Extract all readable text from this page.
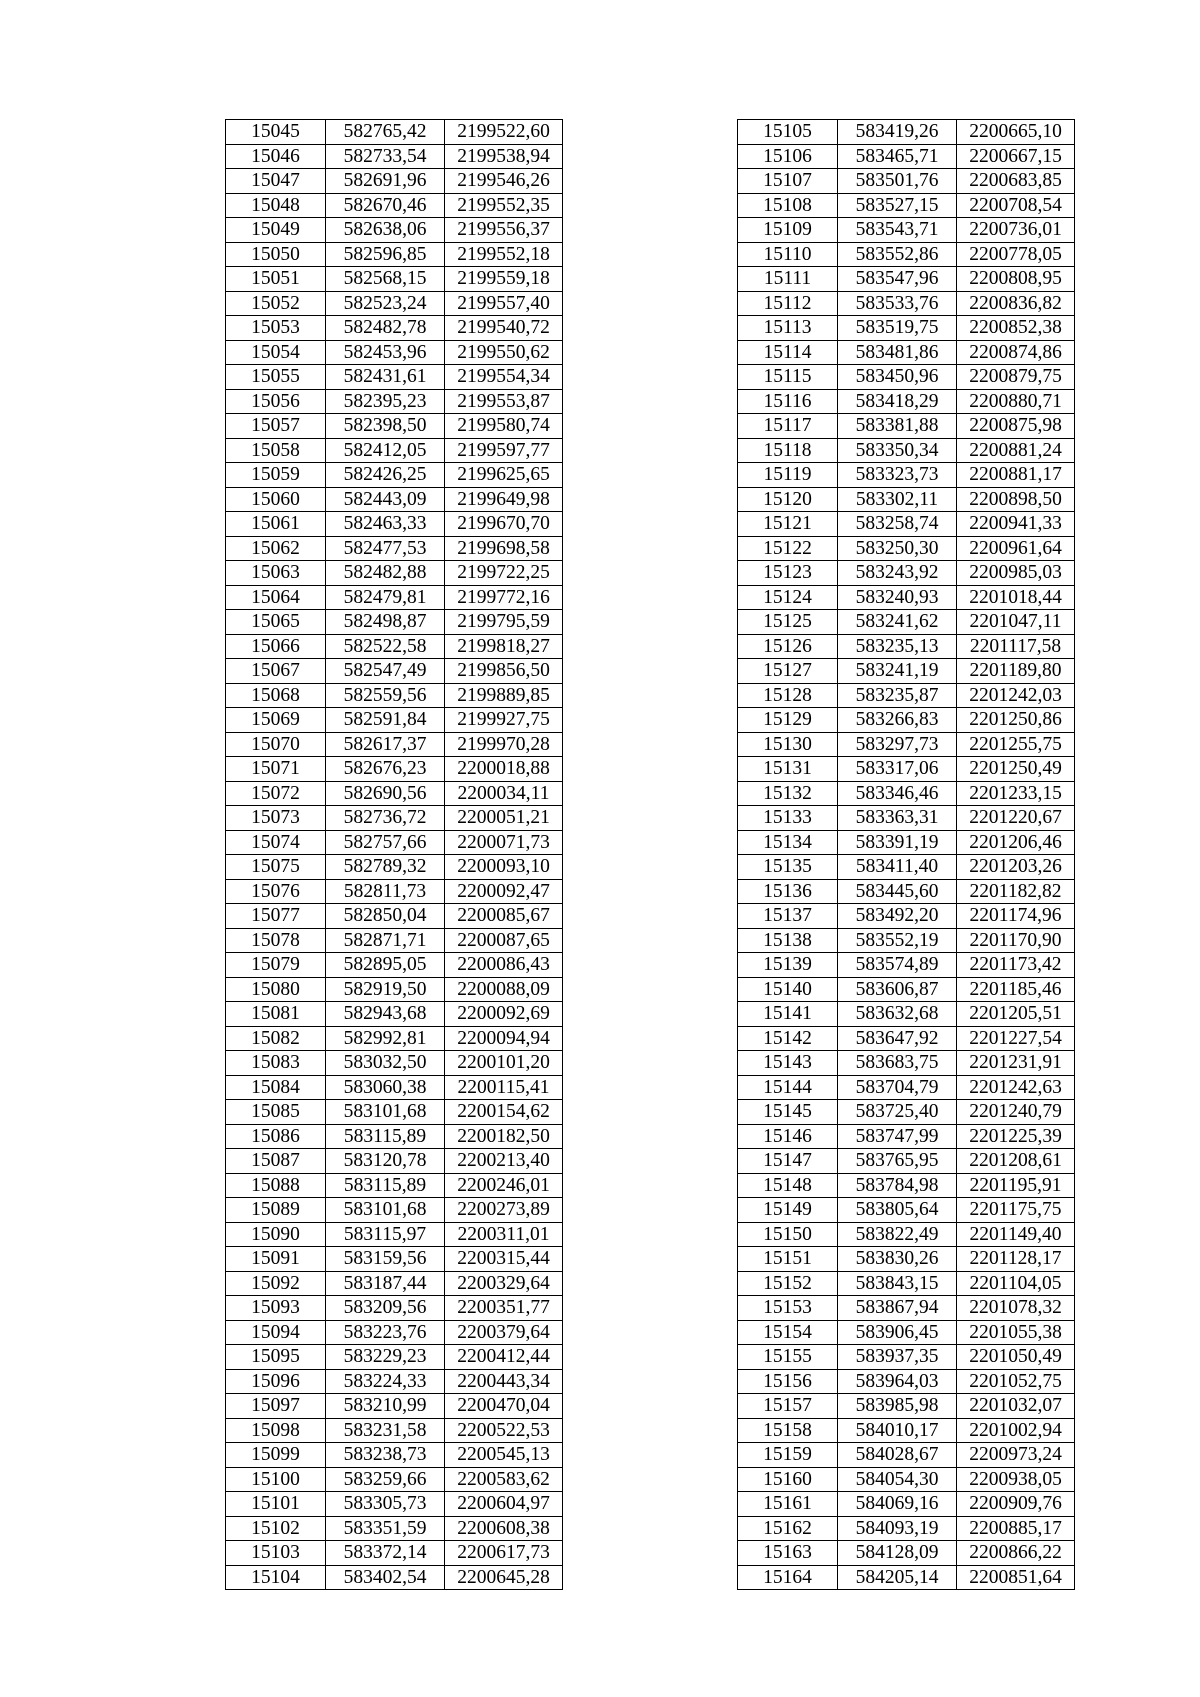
15045	582765,42	2199522,60
15046	582733,54	2199538,94
15047	582691,96	2199546,26
15048	582670,46	2199552,35
15049	582638,06	2199556,37
15050	582596,85	2199552,18
15051	582568,15	2199559,18
15052	582523,24	2199557,40
15053	582482,78	2199540,72
15054	582453,96	2199550,62
15055	582431,61	2199554,34
15056	582395,23	2199553,87
15057	582398,50	2199580,74
15058	582412,05	2199597,77
15059	582426,25	2199625,65
15060	582443,09	2199649,98
15061	582463,33	2199670,70
15062	582477,53	2199698,58
15063	582482,88	2199722,25
15064	582479,81	2199772,16
15065	582498,87	2199795,59
15066	582522,58	2199818,27
15067	582547,49	2199856,50
15068	582559,56	2199889,85
15069	582591,84	2199927,75
15070	582617,37	2199970,28
15071	582676,23	2200018,88
15072	582690,56	2200034,11
15073	582736,72	2200051,21
15074	582757,66	2200071,73
15075	582789,32	2200093,10
15076	582811,73	2200092,47
15077	582850,04	2200085,67
15078	582871,71	2200087,65
15079	582895,05	2200086,43
15080	582919,50	2200088,09
15081	582943,68	2200092,69
15082	582992,81	2200094,94
15083	583032,50	2200101,20
15084	583060,38	2200115,41
15085	583101,68	2200154,62
15086	583115,89	2200182,50
15087	583120,78	2200213,40
15088	583115,89	2200246,01
15089	583101,68	2200273,89
15090	583115,97	2200311,01
15091	583159,56	2200315,44
15092	583187,44	2200329,64
15093	583209,56	2200351,77
15094	583223,76	2200379,64
15095	583229,23	2200412,44
15096	583224,33	2200443,34
15097	583210,99	2200470,04
15098	583231,58	2200522,53
15099	583238,73	2200545,13
15100	583259,66	2200583,62
15101	583305,73	2200604,97
15102	583351,59	2200608,38
15103	583372,14	2200617,73
15104	583402,54	2200645,28
15105	583419,26	2200665,10
15106	583465,71	2200667,15
15107	583501,76	2200683,85
15108	583527,15	2200708,54
15109	583543,71	2200736,01
15110	583552,86	2200778,05
15111	583547,96	2200808,95
15112	583533,76	2200836,82
15113	583519,75	2200852,38
15114	583481,86	2200874,86
15115	583450,96	2200879,75
15116	583418,29	2200880,71
15117	583381,88	2200875,98
15118	583350,34	2200881,24
15119	583323,73	2200881,17
15120	583302,11	2200898,50
15121	583258,74	2200941,33
15122	583250,30	2200961,64
15123	583243,92	2200985,03
15124	583240,93	2201018,44
15125	583241,62	2201047,11
15126	583235,13	2201117,58
15127	583241,19	2201189,80
15128	583235,87	2201242,03
15129	583266,83	2201250,86
15130	583297,73	2201255,75
15131	583317,06	2201250,49
15132	583346,46	2201233,15
15133	583363,31	2201220,67
15134	583391,19	2201206,46
15135	583411,40	2201203,26
15136	583445,60	2201182,82
15137	583492,20	2201174,96
15138	583552,19	2201170,90
15139	583574,89	2201173,42
15140	583606,87	2201185,46
15141	583632,68	2201205,51
15142	583647,92	2201227,54
15143	583683,75	2201231,91
15144	583704,79	2201242,63
15145	583725,40	2201240,79
15146	583747,99	2201225,39
15147	583765,95	2201208,61
15148	583784,98	2201195,91
15149	583805,64	2201175,75
15150	583822,49	2201149,40
15151	583830,26	2201128,17
15152	583843,15	2201104,05
15153	583867,94	2201078,32
15154	583906,45	2201055,38
15155	583937,35	2201050,49
15156	583964,03	2201052,75
15157	583985,98	2201032,07
15158	584010,17	2201002,94
15159	584028,67	2200973,24
15160	584054,30	2200938,05
15161	584069,16	2200909,76
15162	584093,19	2200885,17
15163	584128,09	2200866,22
15164	584205,14	2200851,64
